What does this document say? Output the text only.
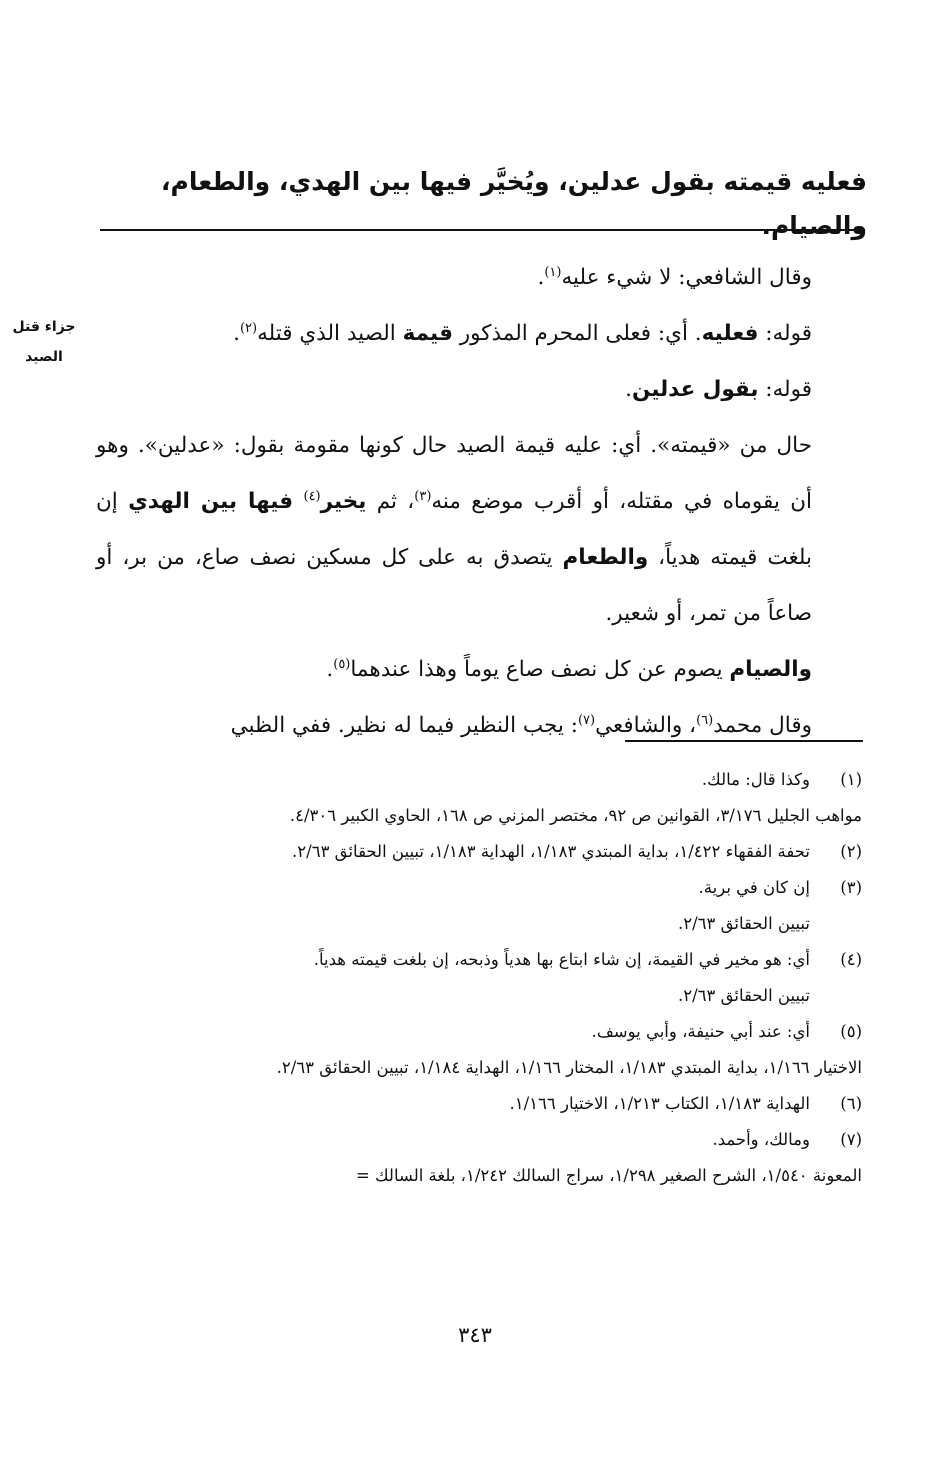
فعليه قيمته بقول عدلين، ويُخيَّر فيها بين الهدي، والطعام، والصيام.
جزاء قتل
الصيد

وقال الشافعي: لا شيء عليه$^{(١)}$.

قوله: فعليه. أي: فعلى المحرم المذكور قيمة الصيد الذي قتله$^{(٢)}$.

قوله: بقول عدلين.

حال من «قيمته». أي: عليه قيمة الصيد حال كونها مقومة بقول: «عدلين». وهو أن يقوماه في مقتله، أو أقرب موضع منه$^{(٣)}$، ثم يخير$^{(٤)}$ فيها بين الهدي إن بلغت قيمته هدياً، والطعام يتصدق به على كل مسكين نصف صاع، من بر، أو صاعاً من تمر، أو شعير.

والصيام يصوم عن كل نصف صاع يوماً وهذا عندهما$^{(٥)}$.

وقال محمد$^{(٦)}$، والشافعي$^{(٧)}$: يجب النظير فيما له نظير. ففي الظبي

(١)
وكذا قال: مالك.

مواهب الجليل ٣/١٧٦، القوانين ص ٩٢، مختصر المزني ص ١٦٨، الحاوي الكبير ٤/٣٠٦.

(٢)
تحفة الفقهاء ١/٤٢٢، بداية المبتدي ١/١٨٣، الهداية ١/١٨٣، تبيين الحقائق ٢/٦٣.
(٣)
إن كان في برية.
تبيين الحقائق ٢/٦٣.
(٤)
أي: هو مخير في القيمة، إن شاء ابتاع بها هدياً وذبحه، إن بلغت قيمته هدياً.
تبيين الحقائق ٢/٦٣.
(٥)
أي: عند أبي حنيفة، وأبي يوسف.

الاختيار ١/١٦٦، بداية المبتدي ١/١٨٣، المختار ١/١٦٦، الهداية ١/١٨٤، تبيين الحقائق ٢/٦٣.

(٦)
الهداية ١/١٨٣، الكتاب ١/٢١٣، الاختيار ١/١٦٦.
(٧)
ومالك، وأحمد.

المعونة ١/٥٤٠، الشرح الصغير ١/٢٩٨، سراج السالك ١/٢٤٢، بلغة السالك =

٣٤٣
